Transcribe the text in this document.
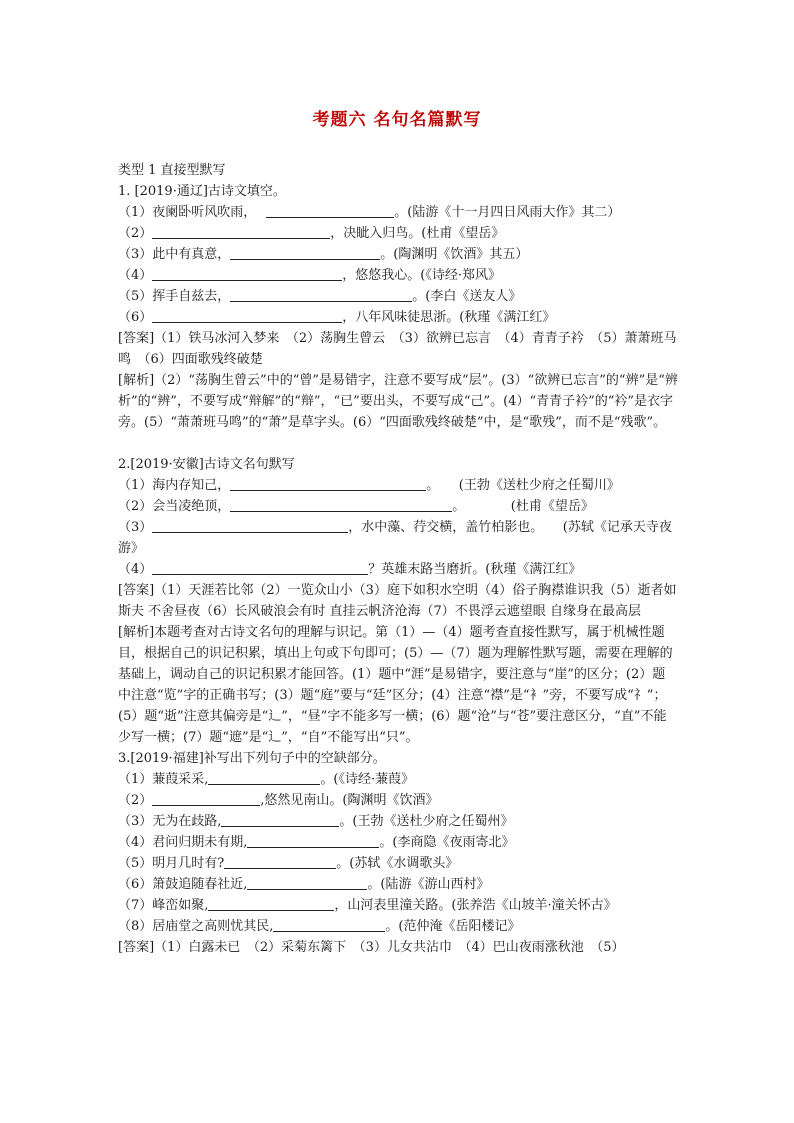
考题六 名句名篇默写

类型 1 直接型默写

1. [2019·通辽]古诗文填空。

（1）夜阑卧听风吹雨，	。(陆游《十一月四日风雨大作》其二）

（2）	，决眦入归鸟。(杜甫《望岳》

（3）此中有真意，	。(陶渊明《饮酒》其五）

（4）	，悠悠我心。(《诗经·郑风》

（5）挥手自兹去，	。(李白《送友人》

（6）	，八年风味徒思浙。(秋瑾《满江红》

[答案]（1）铁马冰河入梦来　（2）荡胸生曾云　（3）欲辨已忘言　（4）青青子衿　（5）萧萧班马鸣　（6）四面歌残终破楚

[解析]（2）“荡胸生曾云”中的“曾”是易错字，注意不要写成“层”。(3）“欲辨已忘言”的“辨”是“辨析”的“辨”，不要写成“辩解”的“辩”，“已”要出头，不要写成“己”。(4）“青青子衿”的“衿”是衣字旁。(5）“萧萧班马鸣”的“萧”是草字头。(6）“四面歌残终破楚”中，是“歌残”，而不是“残歌”。

2.[2019·安徽]古诗文名句默写

（1）海内存知己，	。　　(王勃《送杜少府之任蜀川》

（2）会当凌绝顶，	。　　　　(杜甫《望岳》

（3）	，水中藻、荇交横，盖竹柏影也。　　(苏轼《记承天寺夜游》

（4）	？英雄末路当磨折。(秋瑾《满江红》

[答案]（1）天涯若比邻（2）一览众山小（3）庭下如积水空明（4）俗子胸襟谁识我（5）逝者如斯夫 不舍昼夜（6）长风破浪会有时 直挂云帆济沧海（7）不畏浮云遮望眼 自缘身在最高层

[解析]本题考查对古诗文名句的理解与识记。第（1）—（4）题考查直接性默写，属于机械性题目，根据自己的识记积累，填出上句或下句即可；(5）—（7）题为理解性默写题，需要在理解的基础上，调动自己的识记积累才能回答。(1）题中“涯”是易错字，要注意与“崖”的区分；(2）题中注意“览”字的正确书写；(3）题“庭”要与“廷”区分；(4）注意“襟”是“衤”旁，不要写成“礻”；(5）题“逝”注意其偏旁是“辶”，“昼”字不能多写一横；(6）题“沧”与“苍”要注意区分，“直”不能少写一横；(7）题“遮”是“辶”，“自”不能写出“只”。

3.[2019·福建]补写出下列句子中的空缺部分。

（1）蒹葭采采,	。(《诗经·蒹葭》

（2）	,悠然见南山。(陶渊明《饮酒》

（3）无为在歧路,	。(王勃《送杜少府之任蜀州》

（4）君问归期未有期,	。(李商隐《夜雨寄北》

（5）明月几时有?	。(苏轼《水调歌头》

（6）箫鼓追随春社近,	。(陆游《游山西村》

（7）峰峦如聚,	，山河表里潼关路。(张养浩《山坡羊·潼关怀古》

（8）居庙堂之高则忧其民,	。(范仲淹《岳阳楼记》

[答案]（1）白露未已　（2）采菊东篱下　（3）儿女共沾巾　（4）巴山夜雨涨秋池　（5）
